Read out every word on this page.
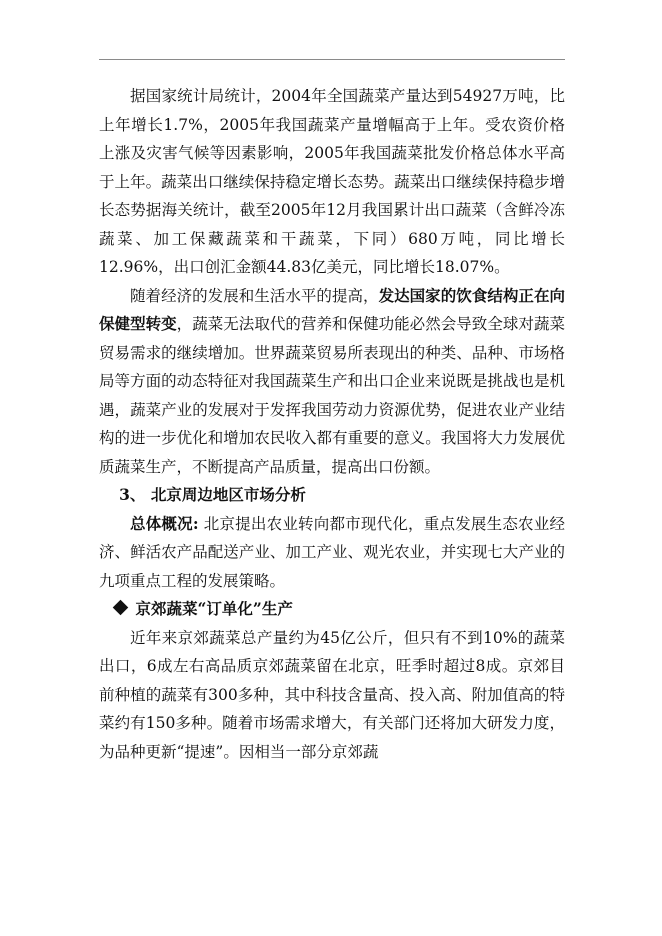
据国家统计局统计，2004年全国蔬菜产量达到54927万吨，比上年增长1.7%，2005年我国蔬菜产量增幅高于上年。受农资价格上涨及灾害气候等因素影响，2005年我国蔬菜批发价格总体水平高于上年。蔬菜出口继续保持稳定增长态势。蔬菜出口继续保持稳步增长态势据海关统计，截至2005年12月我国累计出口蔬菜（含鲜冷冻蔬菜、加工保藏蔬菜和干蔬菜，下同）680万吨，同比增长12.96%，出口创汇金额44.83亿美元，同比增长18.07%。

随着经济的发展和生活水平的提高，发达国家的饮食结构正在向保健型转变，蔬菜无法取代的营养和保健功能必然会导致全球对蔬菜贸易需求的继续增加。世界蔬菜贸易所表现出的种类、品种、市场格局等方面的动态特征对我国蔬菜生产和出口企业来说既是挑战也是机遇，蔬菜产业的发展对于发挥我国劳动力资源优势，促进农业产业结构的进一步优化和增加农民收入都有重要的意义。我国将大力发展优质蔬菜生产，不断提高产品质量，提高出口份额。

3、 北京周边地区市场分析

总体概况: 北京提出农业转向都市现代化，重点发展生态农业经济、鲜活农产品配送产业、加工产业、观光农业，并实现七大产业的九项重点工程的发展策略。

京郊蔬菜“订单化”生产

近年来京郊蔬菜总产量约为45亿公斤，但只有不到10%的蔬菜出口，6成左右高品质京郊蔬菜留在北京，旺季时超过8成。京郊目前种植的蔬菜有300多种，其中科技含量高、投入高、附加值高的特菜约有150多种。随着市场需求增大，有关部门还将加大研发力度，为品种更新“提速”。因相当一部分京郊蔬
